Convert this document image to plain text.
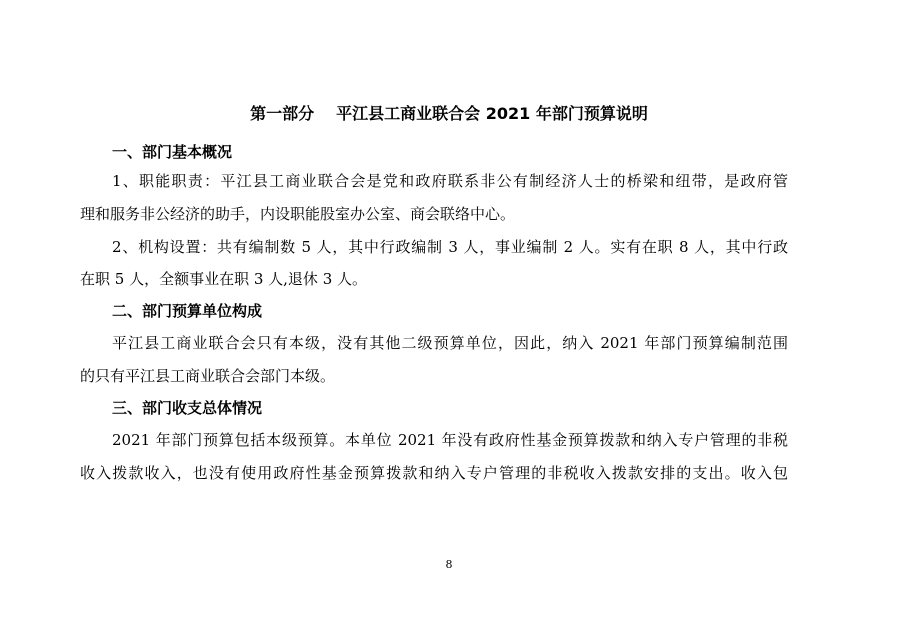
第一部分 平江县工商业联合会 2021 年部门预算说明
一、部门基本概况
1、职能职责：平江县工商业联合会是党和政府联系非公有制经济人士的桥梁和纽带，是政府管
理和服务非公经济的助手，内设职能股室办公室、商会联络中心。
2、机构设置：共有编制数 5 人，其中行政编制 3 人，事业编制 2 人。实有在职 8 人，其中行政
在职 5 人，全额事业在职 3 人,退休 3 人。
二、部门预算单位构成
平江县工商业联合会只有本级，没有其他二级预算单位，因此，纳入 2021 年部门预算编制范围
的只有平江县工商业联合会部门本级。
三、部门收支总体情况
2021 年部门预算包括本级预算。本单位 2021 年没有政府性基金预算拨款和纳入专户管理的非税
收入拨款收入，也没有使用政府性基金预算拨款和纳入专户管理的非税收入拨款安排的支出。收入包
8
